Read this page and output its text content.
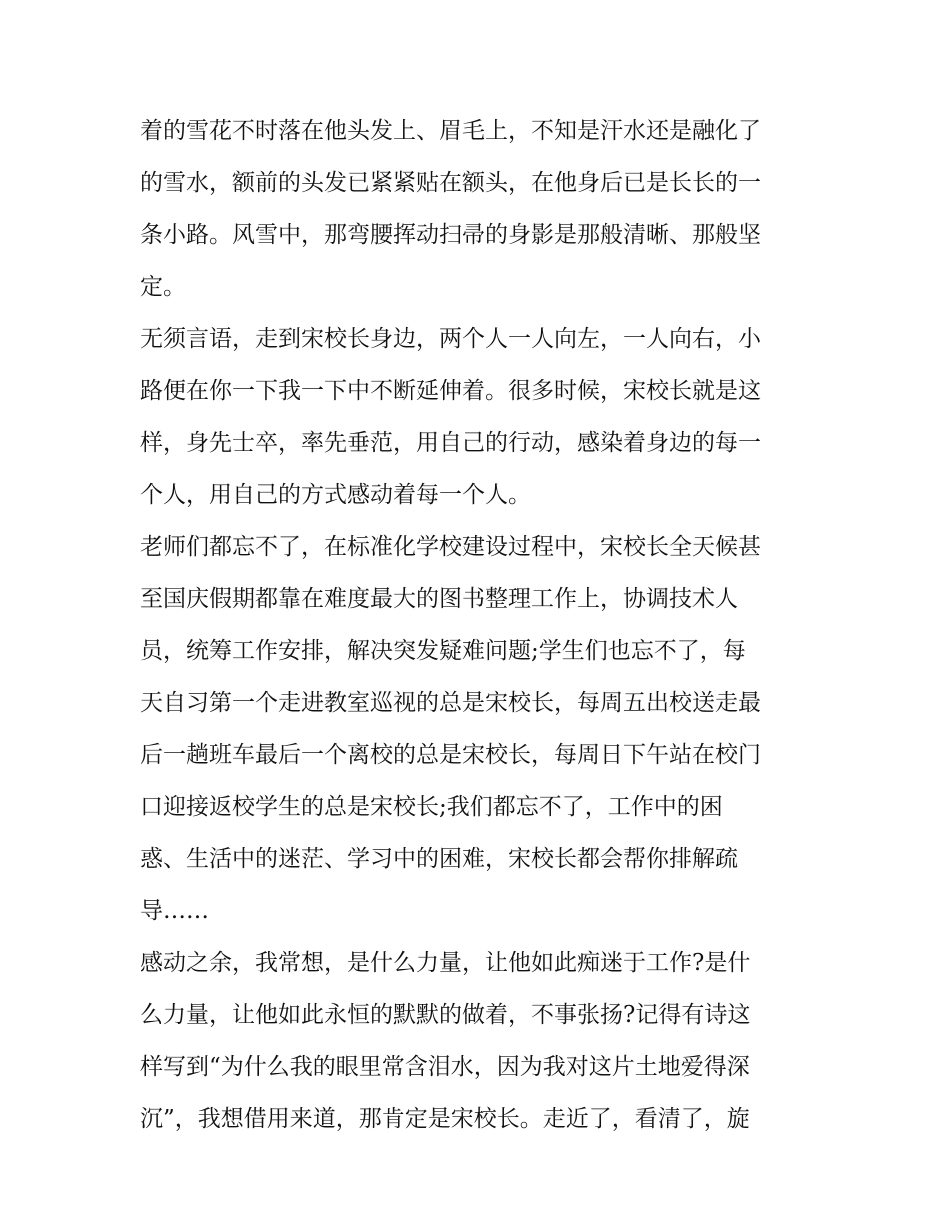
着的雪花不时落在他头发上、眉毛上，不知是汗水还是融化了
的雪水，额前的头发已紧紧贴在额头，在他身后已是长长的一
条小路。风雪中，那弯腰挥动扫帚的身影是那般清晰、那般坚
定。
无须言语，走到宋校长身边，两个人一人向左，一人向右，小
路便在你一下我一下中不断延伸着。很多时候，宋校长就是这
样，身先士卒，率先垂范，用自己的行动，感染着身边的每一
个人，用自己的方式感动着每一个人。
老师们都忘不了，在标准化学校建设过程中，宋校长全天候甚
至国庆假期都靠在难度最大的图书整理工作上，协调技术人
员，统筹工作安排，解决突发疑难问题;学生们也忘不了，每
天自习第一个走进教室巡视的总是宋校长，每周五出校送走最
后一趟班车最后一个离校的总是宋校长，每周日下午站在校门
口迎接返校学生的总是宋校长;我们都忘不了，工作中的困
惑、生活中的迷茫、学习中的困难，宋校长都会帮你排解疏
导……
感动之余，我常想，是什么力量，让他如此痴迷于工作?是什
么力量，让他如此永恒的默默的做着，不事张扬?记得有诗这
样写到“为什么我的眼里常含泪水，因为我对这片土地爱得深
沉”，我想借用来道，那肯定是宋校长。走近了，看清了，旋
